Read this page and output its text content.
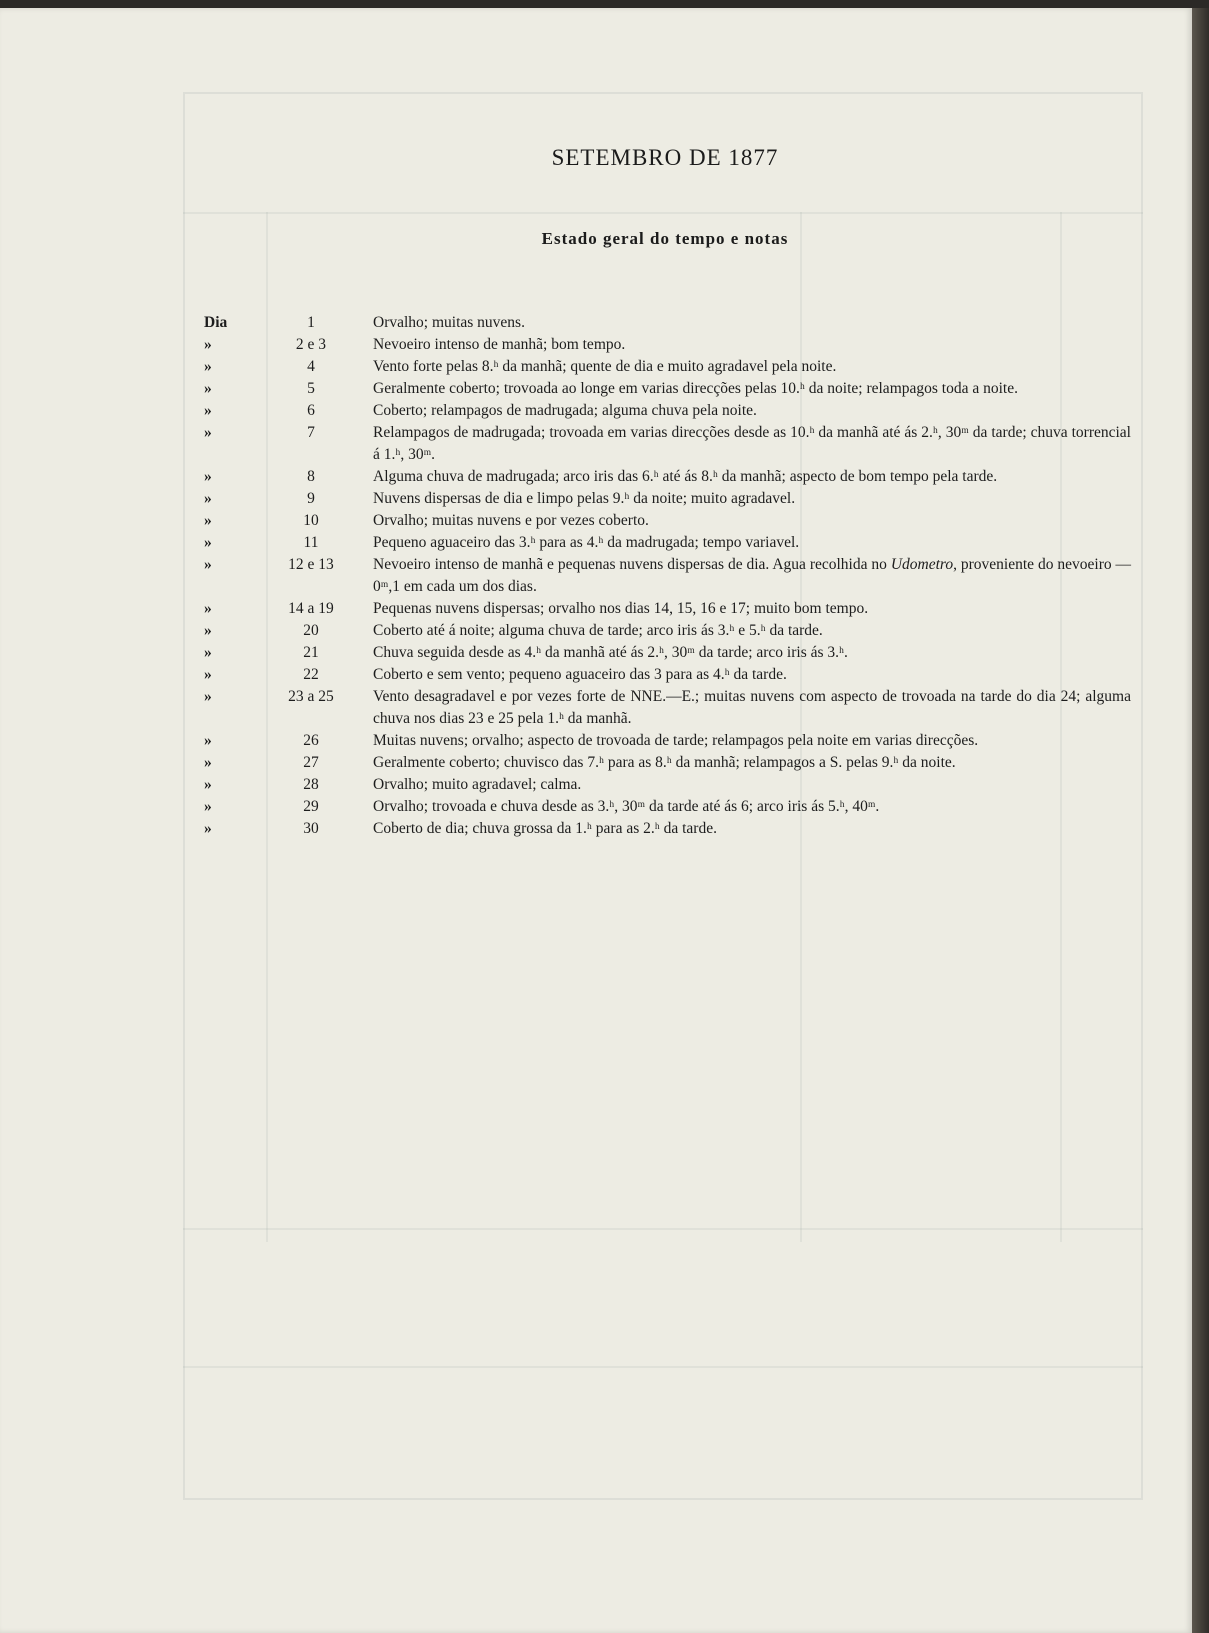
SETEMBRO DE 1877
Estado geral do tempo e notas
Dia	1	Orvalho; muitas nuvens.
»	2 e 3	Nevoeiro intenso de manhã; bom tempo.
»	4	Vento forte pelas 8.ʰ da manhã; quente de dia e muito agradavel pela noite.
»	5	Geralmente coberto; trovoada ao longe em varias direcções pelas 10.ʰ da noite; relampagos toda a noite.
»	6	Coberto; relampagos de madrugada; alguma chuva pela noite.
»	7	Relampagos de madrugada; trovoada em varias direcções desde as 10.ʰ da manhã até ás 2.ʰ, 30ᵐ da tarde; chuva torrencial á 1.ʰ, 30ᵐ.
»	8	Alguma chuva de madrugada; arco iris das 6.ʰ até ás 8.ʰ da manhã; aspecto de bom tempo pela tarde.
»	9	Nuvens dispersas de dia e limpo pelas 9.ʰ da noite; muito agradavel.
»	10	Orvalho; muitas nuvens e por vezes coberto.
»	11	Pequeno aguaceiro das 3.ʰ para as 4.ʰ da madrugada; tempo variavel.
»	12 e 13	Nevoeiro intenso de manhã e pequenas nuvens dispersas de dia. Agua recolhida no Udometro, proveniente do nevoeiro — 0ᵐ,1 em cada um dos dias.
»	14 a 19	Pequenas nuvens dispersas; orvalho nos dias 14, 15, 16 e 17; muito bom tempo.
»	20	Coberto até á noite; alguma chuva de tarde; arco iris ás 3.ʰ e 5.ʰ da tarde.
»	21	Chuva seguida desde as 4.ʰ da manhã até ás 2.ʰ, 30ᵐ da tarde; arco iris ás 3.ʰ.
»	22	Coberto e sem vento; pequeno aguaceiro das 3 para as 4.ʰ da tarde.
»	23 a 25	Vento desagradavel e por vezes forte de NNE.—E.; muitas nuvens com aspecto de trovoada na tarde do dia 24; alguma chuva nos dias 23 e 25 pela 1.ʰ da manhã.
»	26	Muitas nuvens; orvalho; aspecto de trovoada de tarde; relampagos pela noite em varias direcções.
»	27	Geralmente coberto; chuvisco das 7.ʰ para as 8.ʰ da manhã; relampagos a S. pelas 9.ʰ da noite.
»	28	Orvalho; muito agradavel; calma.
»	29	Orvalho; trovoada e chuva desde as 3.ʰ, 30ᵐ da tarde até ás 6; arco iris ás 5.ʰ, 40ᵐ.
»	30	Coberto de dia; chuva grossa da 1.ʰ para as 2.ʰ da tarde.
